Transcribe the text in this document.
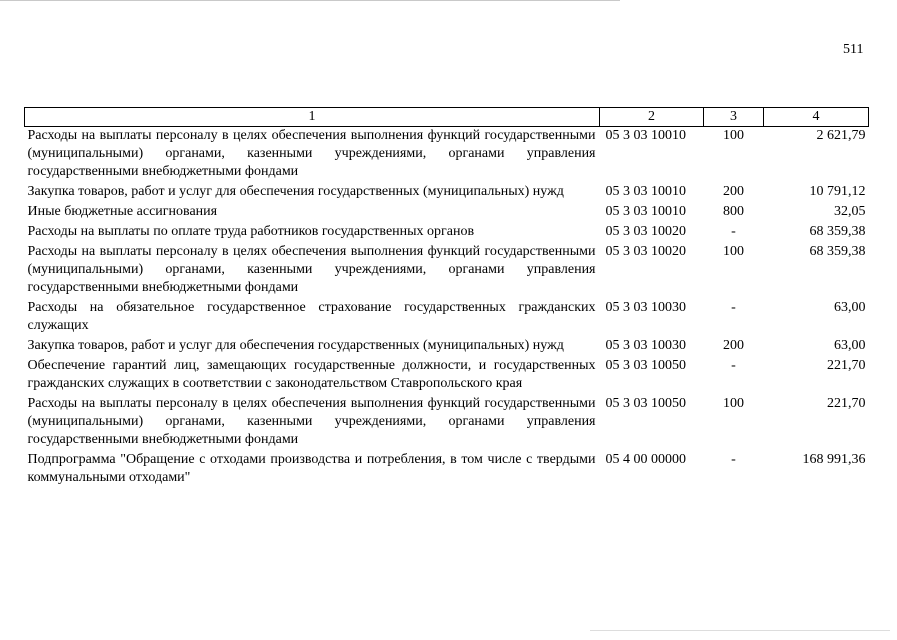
511
1	2	3	4
Расходы на выплаты персоналу в целях обеспечения выполнения функций государственными (муниципальными) органами, казенными учреждениями, органами управления государственными внебюджетными фондами	05 3 03 10010	100	2 621,79
Закупка товаров, работ и услуг для обеспечения государственных (муниципальных) нужд	05 3 03 10010	200	10 791,12
Иные бюджетные ассигнования	05 3 03 10010	800	32,05
Расходы на выплаты по оплате труда работников государственных органов	05 3 03 10020	-	68 359,38
Расходы на выплаты персоналу в целях обеспечения выполнения функций государственными (муниципальными) органами, казенными учреждениями, органами управления государственными внебюджетными фондами	05 3 03 10020	100	68 359,38
Расходы на обязательное государственное страхование государственных гражданских служащих	05 3 03 10030	-	63,00
Закупка товаров, работ и услуг для обеспечения государственных (муниципальных) нужд	05 3 03 10030	200	63,00
Обеспечение гарантий лиц, замещающих государственные должности, и государственных гражданских служащих в соответствии с законодательством Ставропольского края	05 3 03 10050	-	221,70
Расходы на выплаты персоналу в целях обеспечения выполнения функций государственными (муниципальными) органами, казенными учреждениями, органами управления государственными внебюджетными фондами	05 3 03 10050	100	221,70
Подпрограмма "Обращение с отходами производства и потребления, в том числе с твердыми коммунальными отходами"	05 4 00 00000	-	168 991,36
